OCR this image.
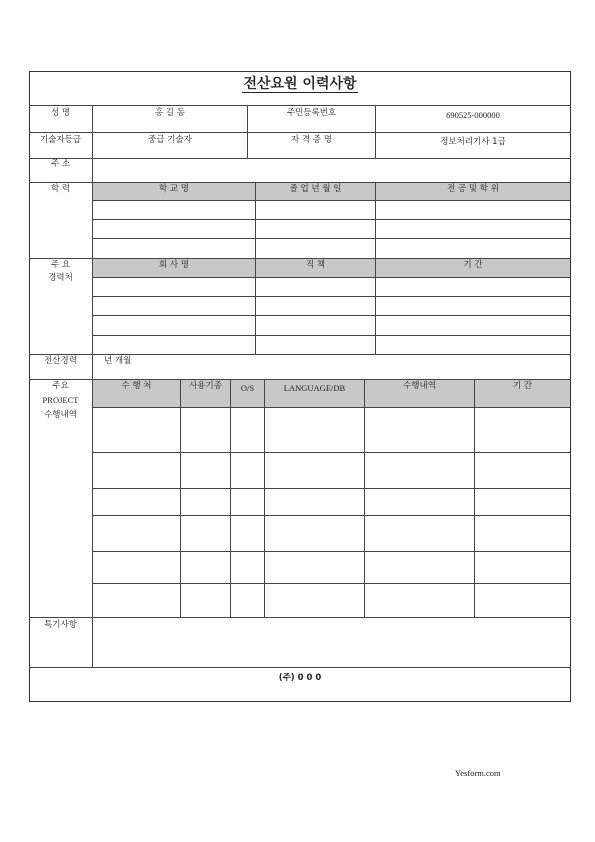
전산요원 이력사항
성 명	홍 길 동	주민등록번호	690525-000000
기술자등급	중급 기술자	자 격 증 명	정보처리기사 1급
주 소
학 력	학 교 명	졸 업 년 월 일	전 공 및 학 위
주 요
경력처
회 사 명	직 책	기 간
전산경력	년 개월
주요
PROJECT
수행내역
수 행 처	사용기종	O/S	LANGUAGE/DB	수행내역	기 간
특기사항
(주) 0 0 0
Yesform.com
